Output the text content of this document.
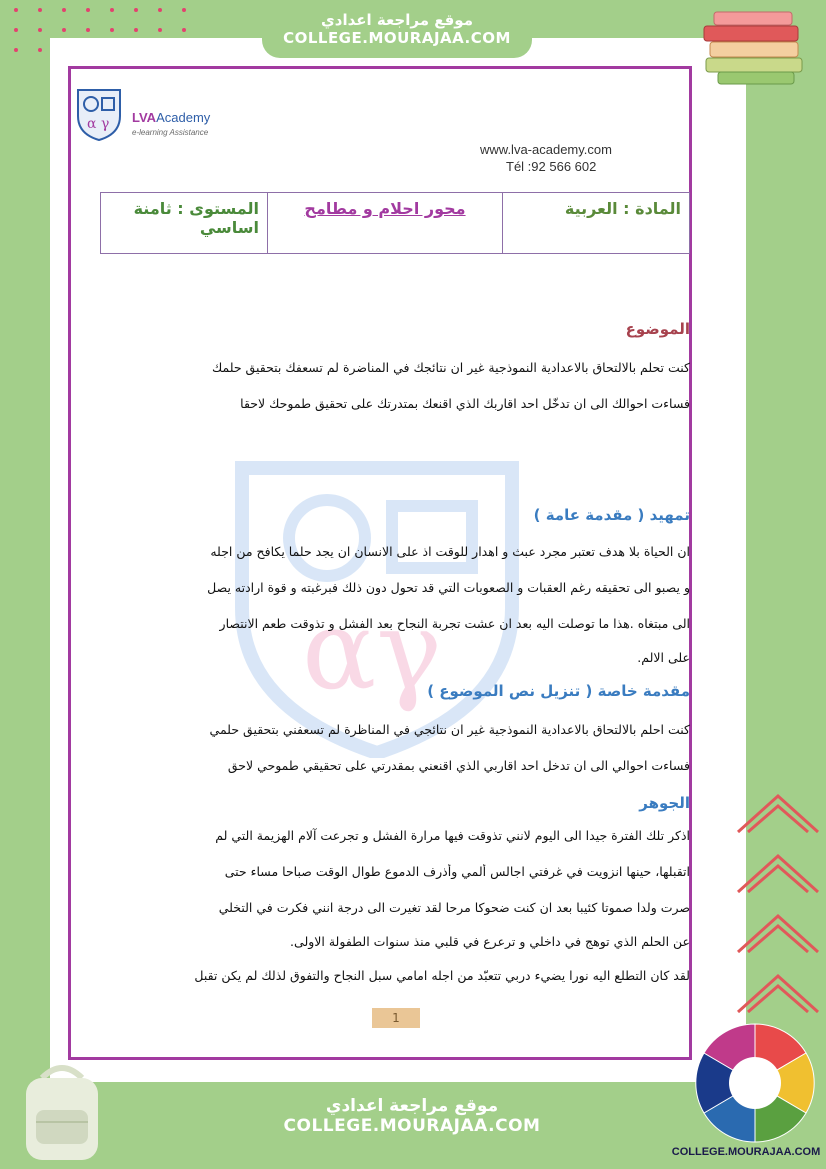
موقع مراجعة اعدادي
COLLEGE.MOURAJAA.COM
α γ LVAAcademy
e-learning Assistance
www.lva-academy.com
Tél :92 566 602
المادة : العربية	محور احلام و مطامح	المستوى : ثامنة اساسي
αγ
الموضوع
كنت تحلم بالالتحاق بالاعدادية النموذجية غير ان نتائجك في المناضرة لم تسعفك بتحقيق حلمك
فساءت احوالك الى ان تدخّل احد اقاربك الذي اقنعك بمتدرتك على تحقيق طموحك لاحقا
تمهيد ( مقدمة عامة )
ان الحياة بلا هدف تعتبر مجرد عبث و اهدار للوقت اذ على الانسان ان يجد حلما يكافح من اجله
و يصبو الى تحقيقه رغم العقبات و الصعوبات التي قد تحول دون ذلك فبرغبته و قوة ارادته يصل
الى مبتغاه .هذا ما توصلت اليه بعد ان عشت تجربة النجاح بعد الفشل و تذوقت طعم الانتصار
على الالم.
مقدمة خاصة ( تنزيل نص الموضوع )
كنت احلم بالالتحاق بالاعدادية النموذجية غير ان نتائجي في المناظرة لم تسعفني بتحقيق حلمي
فساءت احوالي الى ان تدخل احد اقاربي الذي اقنعني بمقدرتي على تحقيقي طموحي لاحق
الجوهر
اذكر تلك الفترة جيدا الى اليوم لانني تذوقت فيها مرارة الفشل و تجرعت آلام الهزيمة التي لم
اتقبلها، حينها انزويت في غرفتي اجالس ألمي وأذرف الدموع طوال الوقت صباحا مساء حتى
صرت ولدا صموتا كئيبا بعد ان كنت ضحوكا مرحا لقد تغيرت الى درجة انني فكرت في التخلي
عن الحلم الذي توهج في داخلي و ترعرع في قلبي منذ سنوات الطفولة الاولى.
لقد كان التطلع اليه نورا يضيء دربي تتعبّد من اجله امامي سبل النجاح والتفوق لذلك لم يكن تقبل
1
موقع مراجعة اعدادي
COLLEGE.MOURAJAA.COM
COLLEGE.MOURAJAA.COM
